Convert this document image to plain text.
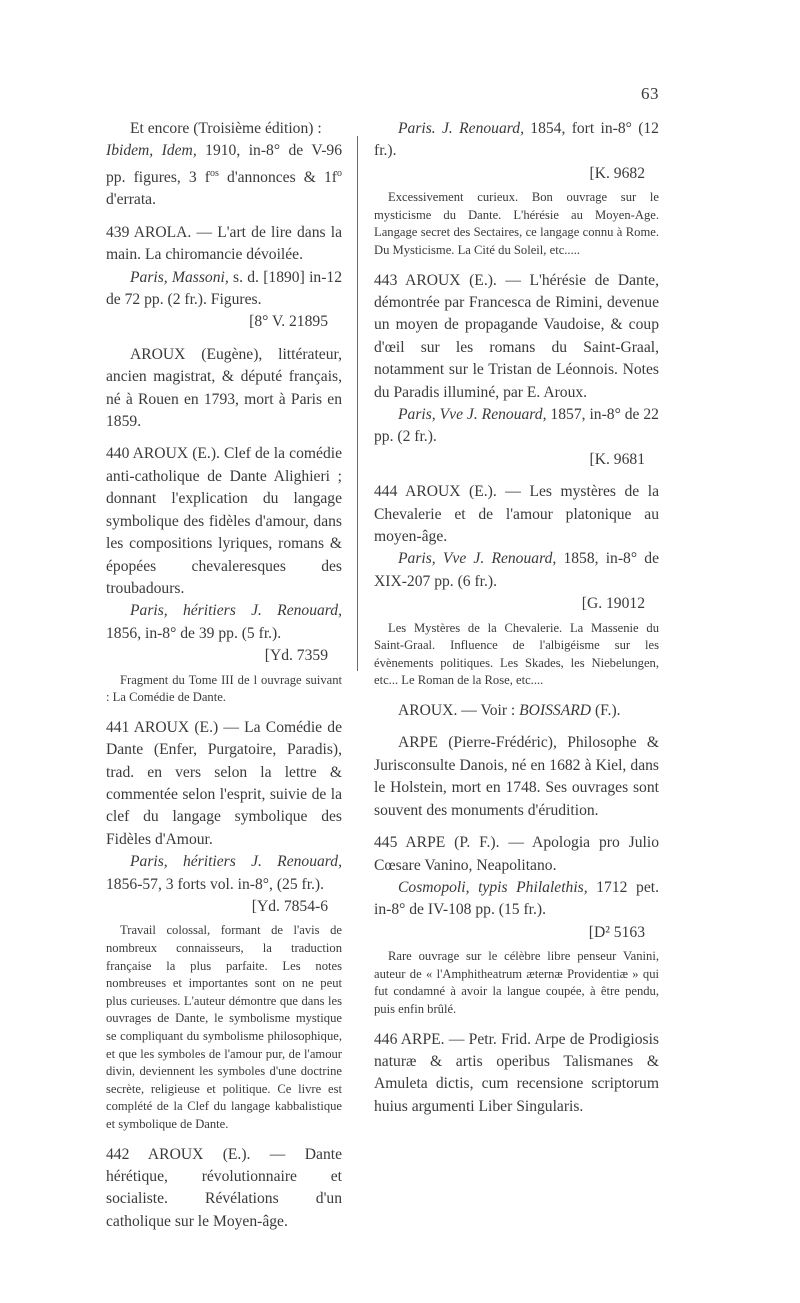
63

Et encore (Troisième édition) :

Ibidem, Idem, 1910, in-8° de V-96 pp. figures, 3 $f^{os}$ d'annonces & $1f^o$ d'errata.

439 AROLA. — L'art de lire dans la main. La chiromancie dévoilée.

Paris, Massoni, s. d. [1890] in-12 de 72 pp. (2 fr.). Figures.

[8° V. 21895

AROUX (Eugène), littérateur, ancien magistrat, & député français, né à Rouen en 1793, mort à Paris en 1859.

440 AROUX (E.). Clef de la comédie anti-catholique de Dante Alighieri ; donnant l'explication du langage symbolique des fidèles d'amour, dans les compositions lyriques, romans & épopées chevaleresques des troubadours.

Paris, héritiers J. Renouard, 1856, in-8° de 39 pp. (5 fr.).

[Yd. 7359

Fragment du Tome III de l ouvrage suivant : La Comédie de Dante.

441 AROUX (E.) — La Comédie de Dante (Enfer, Purgatoire, Paradis), trad. en vers selon la lettre & commentée selon l'esprit, suivie de la clef du langage symbolique des Fidèles d'Amour.

Paris, héritiers J. Renouard, 1856-57, 3 forts vol. in-8°, (25 fr.).

[Yd. 7854-6

Travail colossal, formant de l'avis de nombreux connaisseurs, la traduction française la plus parfaite. Les notes nombreuses et importantes sont on ne peut plus curieuses. L'auteur démontre que dans les ouvrages de Dante, le symbolisme mystique se compliquant du symbolisme philosophique, et que les symboles de l'amour pur, de l'amour divin, deviennent les symboles d'une doctrine secrète, religieuse et politique. Ce livre est complété de la Clef du langage kabbalistique et symbolique de Dante.

442 AROUX (E.). — Dante hérétique, révolutionnaire et socialiste. Révélations d'un catholique sur le Moyen-âge.

Paris. J. Renouard, 1854, fort in-8° (12 fr.).

[K. 9682

Excessivement curieux. Bon ouvrage sur le mysticisme du Dante. L'hérésie au Moyen-Age. Langage secret des Sectaires, ce langage connu à Rome. Du Mysticisme. La Cité du Soleil, etc.....

443 AROUX (E.). — L'hérésie de Dante, démontrée par Francesca de Rimini, devenue un moyen de propagande Vaudoise, & coup d'œil sur les romans du Saint-Graal, notamment sur le Tristan de Léonnois. Notes du Paradis illuminé, par E. Aroux.

Paris, Vve J. Renouard, 1857, in-8° de 22 pp. (2 fr.).

[K. 9681

444 AROUX (E.). — Les mystères de la Chevalerie et de l'amour platonique au moyen-âge.

Paris, Vve J. Renouard, 1858, in-8° de XIX-207 pp. (6 fr.).

[G. 19012

Les Mystères de la Chevalerie. La Massenie du Saint-Graal. Influence de l'albigéisme sur les évènements politiques. Les Skades, les Niebelungen, etc... Le Roman de la Rose, etc....

AROUX. — Voir : BOISSARD (F.).

ARPE (Pierre-Frédéric), Philosophe & Jurisconsulte Danois, né en 1682 à Kiel, dans le Holstein, mort en 1748. Ses ouvrages sont souvent des monuments d'érudition.

445 ARPE (P. F.). — Apologia pro Julio Cœsare Vanino, Neapolitano.

Cosmopoli, typis Philalethis, 1712 pet. in-8° de IV-108 pp. (15 fr.).

[D² 5163

Rare ouvrage sur le célèbre libre penseur Vanini, auteur de « l'Amphitheatrum æternæ Providentiæ » qui fut condamné à avoir la langue coupée, à être pendu, puis enfin brûlé.

446 ARPE. — Petr. Frid. Arpe de Prodigiosis naturæ & artis operibus Talismanes & Amuleta dictis, cum recensione scriptorum huius argumenti Liber Singularis.
